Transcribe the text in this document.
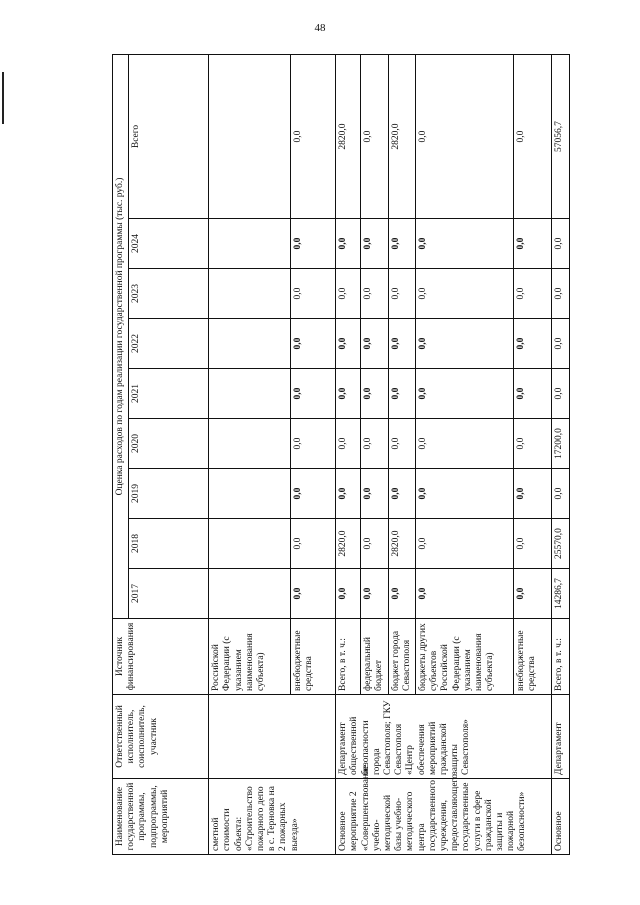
48
Наименование государственной программы, подпрограммы, мероприятий	Ответственный исполнитель, соисполнитель, участник	Источник финансирования	Оценка расходов по годам реализации государственной программы (тыс. руб.)								
			2017	2018	2019	2020	2021	2022	2023	2024	Всего
сметной стоимости объекта: «Строительство пожарного депо в с. Терновка на 2 пожарных выезда»		Российской Федерации (с указанием наименования субъекта)									
		внебюджетные средства	0,0	0,0	0,0	0,0	0,0	0,0	0,0	0,0	0,0
Основное мероприятие 2 «Совершенствование учебно-методической базы учебно-методического центра государственного учреждения, предоставляющего государственные услуги в сфере гражданской защиты и пожарной безопасности»	Департамент общественной безопасности города Севастополя; ГКУ Севастополя «Центр обеспечения мероприятий гражданской защиты Севастополя»	Всего, в т. ч.:	0,0	2820,0	0,0	0,0	0,0	0,0	0,0	0,0	2820,0
		федеральный бюджет	0,0	0,0	0,0	0,0	0,0	0,0	0,0	0,0	0,0
		бюджет города Севастополя	0,0	2820,0	0,0	0,0	0,0	0,0	0,0	0,0	2820,0
		бюджеты других субъектов Российской Федерации (с указанием наименования субъекта)	0,0	0,0	0,0	0,0	0,0	0,0	0,0	0,0	0,0
		внебюджетные средства	0,0	0,0	0,0	0,0	0,0	0,0	0,0	0,0	0,0
Основное	Департамент	Всего, в т. ч.:	14286,7	25570,0	0,0	17200,0	0,0	0,0	0,0	0,0	57056,7
